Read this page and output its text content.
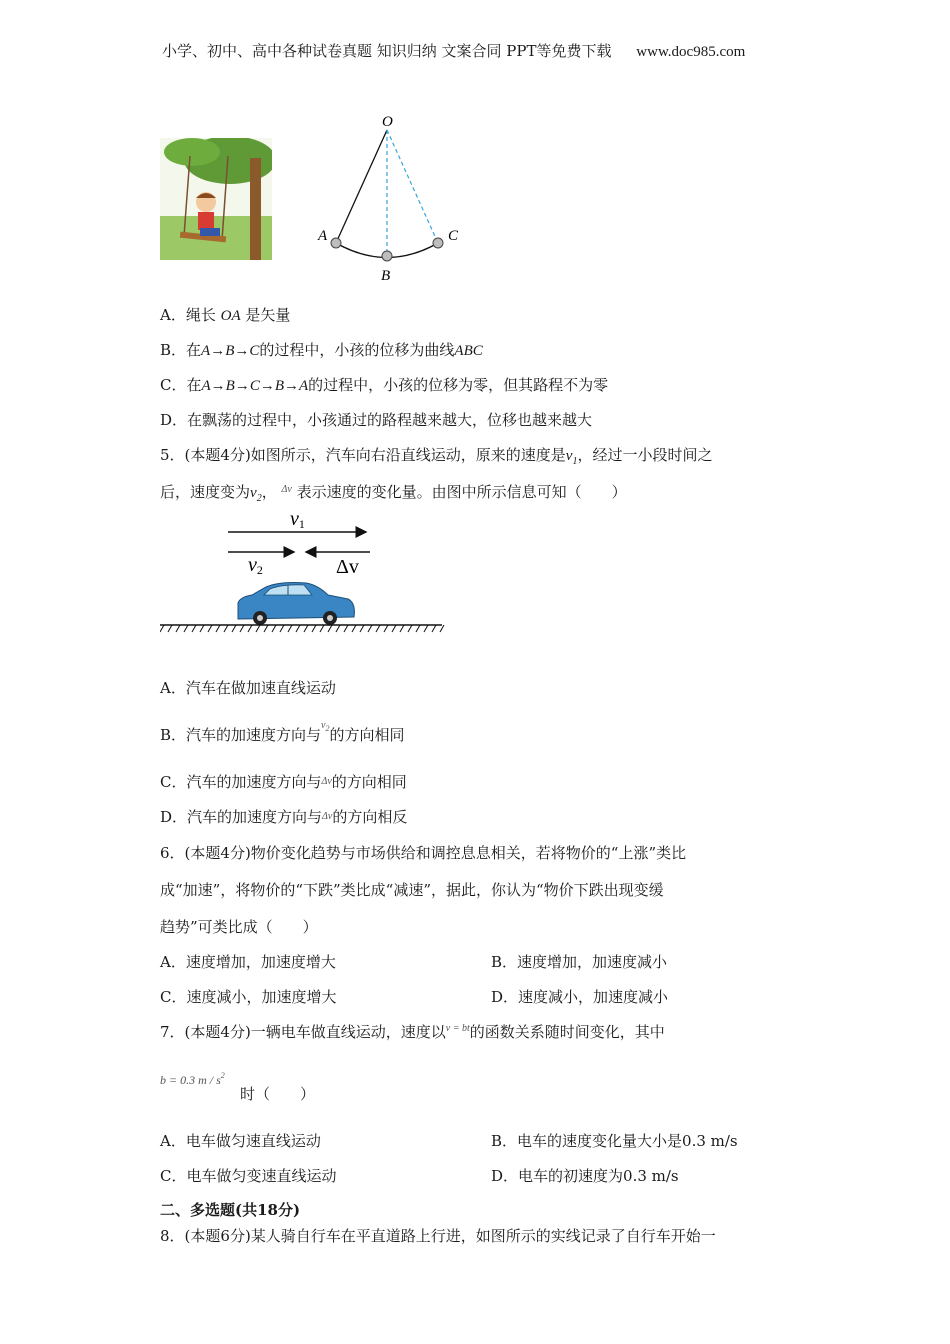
小学、初中、高中各种试卷真题 知识归纳 文案合同 PPT等免费下载 www.doc985.com
O
A
B
C
A．绳长 OA 是矢量
B．在A→B→C的过程中，小孩的位移为曲线ABC
C．在A→B→C→B→A的过程中，小孩的位移为零，但其路程不为零
D．在飘荡的过程中，小孩通过的路程越来越大，位移也越来越大
5．(本题4分)如图所示，汽车向右沿直线运动，原来的速度是$v_1$，经过一小段时间之
后，速度变为$v_2$， $^{\Delta v}$ 表示速度的变化量。由图中所示信息可知（　　）
v1
v2	Δv
A．汽车在做加速直线运动
B．汽车的加速度方向与$^{v_2}$的方向相同
C．汽车的加速度方向与$^{\Delta v}$的方向相同
D．汽车的加速度方向与$^{\Delta v}$的方向相反
6．(本题4分)物价变化趋势与市场供给和调控息息相关，若将物价的“上涨”类比
成“加速”，将物价的“下跌”类比成“减速”，据此，你认为“物价下跌出现变缓
趋势”可类比成（　　）
A．速度增加，加速度增大	B．速度增加，加速度减小
C．速度减小，加速度增大	D．速度减小，加速度减小
7．(本题4分)一辆电车做直线运动，速度以$^{v = bt}$的函数关系随时间变化，其中
b = 0.3 m / $s^2$
时（　　）
A．电车做匀速直线运动	B．电车的速度变化量大小是0.3 m/s
C．电车做匀变速直线运动	D．电车的初速度为0.3 m/s
二、多选题(共18分)
8．(本题6分)某人骑自行车在平直道路上行进，如图所示的实线记录了自行车开始一
